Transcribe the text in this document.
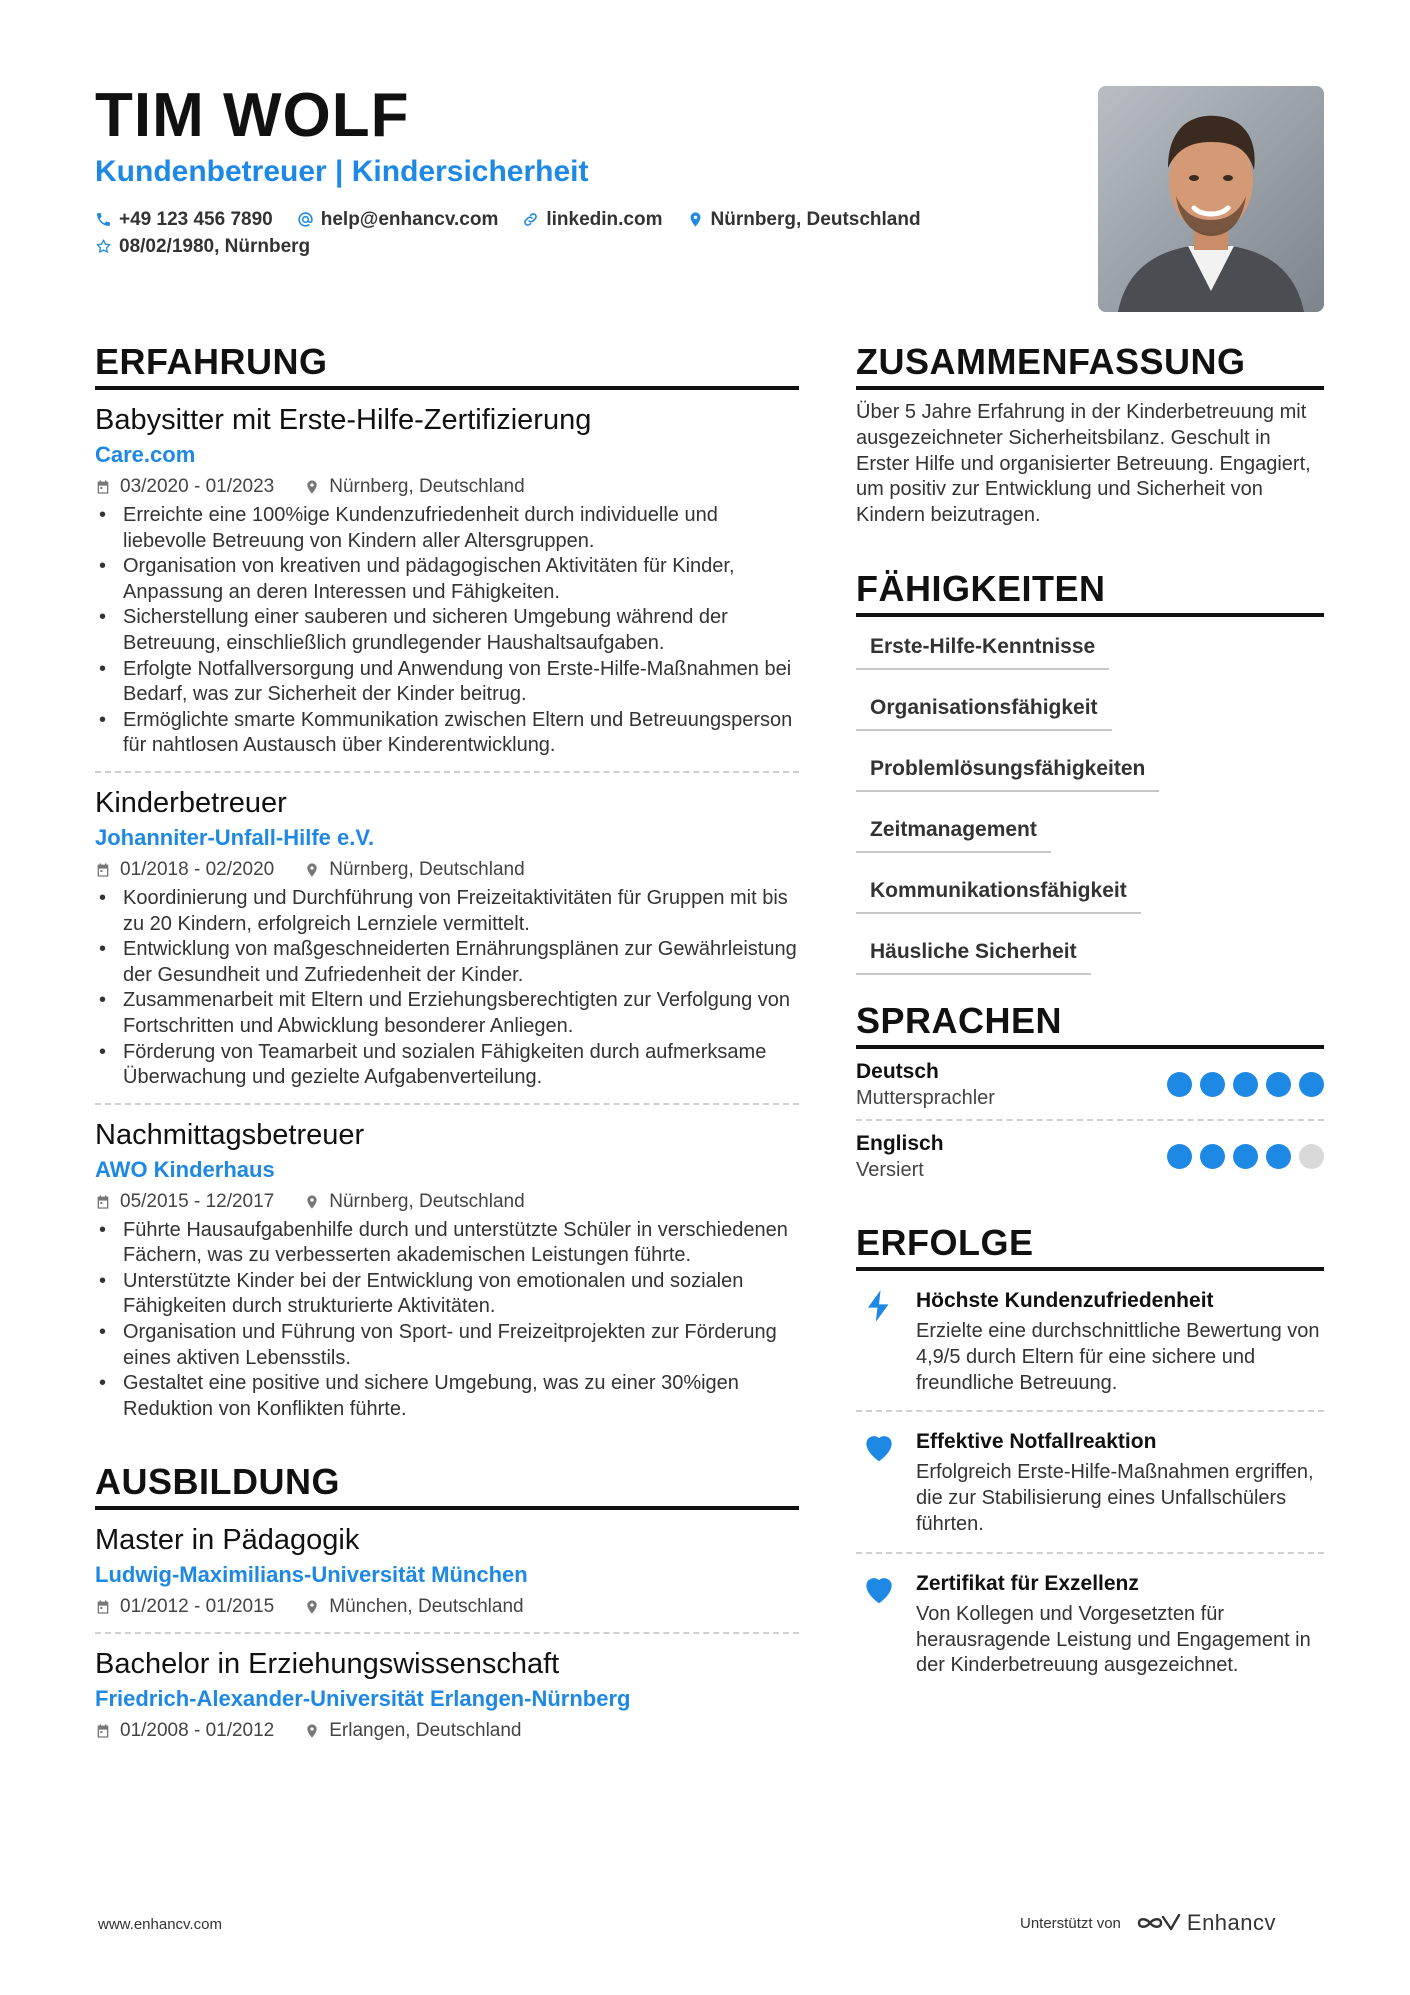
TIM WOLF
Kundenbetreuer | Kindersicherheit
+49 123 456 7890	help@enhancv.com	linkedin.com	Nürnberg, Deutschland
08/02/1980, Nürnberg
ERFAHRUNG
Babysitter mit Erste-Hilfe-Zertifizierung
Care.com
03/2020 - 01/2023	Nürnberg, Deutschland
• Erreichte eine 100%ige Kundenzufriedenheit durch individuelle und liebevolle Betreuung von Kindern aller Altersgruppen.
• Organisation von kreativen und pädagogischen Aktivitäten für Kinder, Anpassung an deren Interessen und Fähigkeiten.
• Sicherstellung einer sauberen und sicheren Umgebung während der Betreuung, einschließlich grundlegender Haushaltsaufgaben.
• Erfolgte Notfallversorgung und Anwendung von Erste-Hilfe-Maßnahmen bei Bedarf, was zur Sicherheit der Kinder beitrug.
• Ermöglichte smarte Kommunikation zwischen Eltern und Betreuungsperson für nahtlosen Austausch über Kinderentwicklung.
Kinderbetreuer
Johanniter-Unfall-Hilfe e.V.
01/2018 - 02/2020	Nürnberg, Deutschland
• Koordinierung und Durchführung von Freizeitaktivitäten für Gruppen mit bis zu 20 Kindern, erfolgreich Lernziele vermittelt.
• Entwicklung von maßgeschneiderten Ernährungsplänen zur Gewährleistung der Gesundheit und Zufriedenheit der Kinder.
• Zusammenarbeit mit Eltern und Erziehungsberechtigten zur Verfolgung von Fortschritten und Abwicklung besonderer Anliegen.
• Förderung von Teamarbeit und sozialen Fähigkeiten durch aufmerksame Überwachung und gezielte Aufgabenverteilung.
Nachmittagsbetreuer
AWO Kinderhaus
05/2015 - 12/2017	Nürnberg, Deutschland
• Führte Hausaufgabenhilfe durch und unterstützte Schüler in verschiedenen Fächern, was zu verbesserten akademischen Leistungen führte.
• Unterstützte Kinder bei der Entwicklung von emotionalen und sozialen Fähigkeiten durch strukturierte Aktivitäten.
• Organisation und Führung von Sport- und Freizeitprojekten zur Förderung eines aktiven Lebensstils.
• Gestaltet eine positive und sichere Umgebung, was zu einer 30%igen Reduktion von Konflikten führte.
AUSBILDUNG
Master in Pädagogik
Ludwig-Maximilians-Universität München
01/2012 - 01/2015	München, Deutschland
Bachelor in Erziehungswissenschaft
Friedrich-Alexander-Universität Erlangen-Nürnberg
01/2008 - 01/2012	Erlangen, Deutschland
ZUSAMMENFASSUNG
Über 5 Jahre Erfahrung in der Kinderbetreuung mit ausgezeichneter Sicherheitsbilanz. Geschult in Erster Hilfe und organisierter Betreuung. Engagiert, um positiv zur Entwicklung und Sicherheit von Kindern beizutragen.
FÄHIGKEITEN
Erste-Hilfe-Kenntnisse
Organisationsfähigkeit
Problemlösungsfähigkeiten
Zeitmanagement
Kommunikationsfähigkeit
Häusliche Sicherheit
SPRACHEN
Deutsch
Muttersprachler
Englisch
Versiert
ERFOLGE
Höchste Kundenzufriedenheit
Erzielte eine durchschnittliche Bewertung von 4,9/5 durch Eltern für eine sichere und freundliche Betreuung.
Effektive Notfallreaktion
Erfolgreich Erste-Hilfe-Maßnahmen ergriffen, die zur Stabilisierung eines Unfallschülers führten.
Zertifikat für Exzellenz
Von Kollegen und Vorgesetzten für herausragende Leistung und Engagement in der Kinderbetreuung ausgezeichnet.
www.enhancv.com	Unterstützt von	Enhancv
